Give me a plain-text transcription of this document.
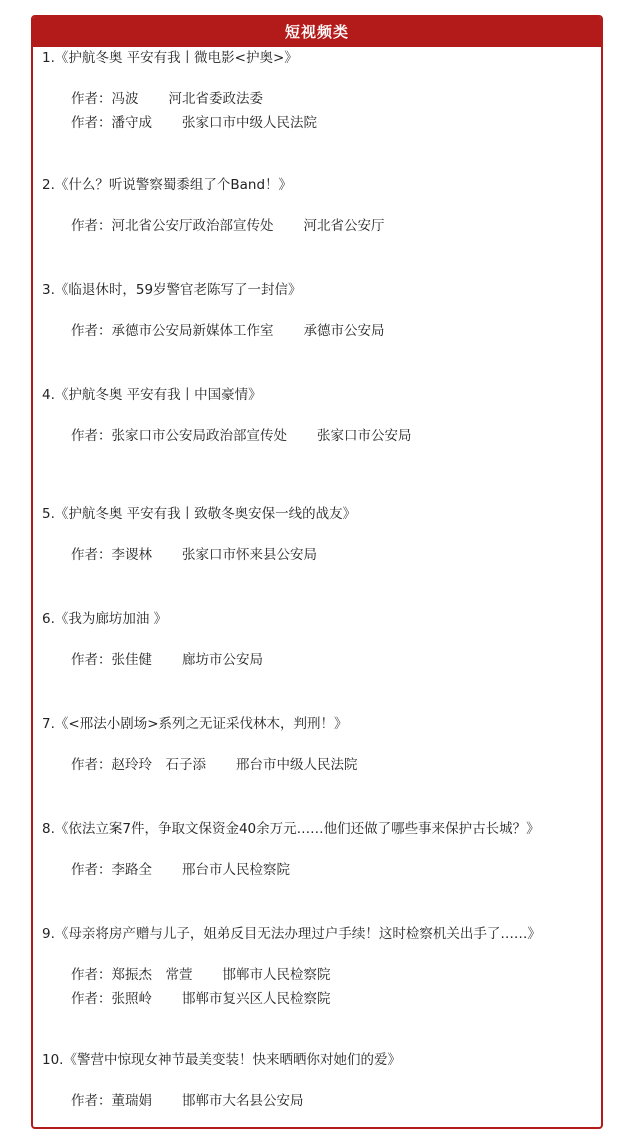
短视频类
1.《护航冬奥 平安有我丨微电影<护奥>》
作者：冯波 河北省委政法委
作者：潘守成 张家口市中级人民法院
2.《什么？听说警察蜀黍组了个Band！》
作者：河北省公安厅政治部宣传处 河北省公安厅
3.《临退休时，59岁警官老陈写了一封信》
作者：承德市公安局新媒体工作室 承德市公安局
4.《护航冬奥 平安有我丨中国豪情》
作者：张家口市公安局政治部宣传处 张家口市公安局
5.《护航冬奥 平安有我丨致敬冬奥安保一线的战友》
作者：李谡林 张家口市怀来县公安局
6.《我为廊坊加油 》
作者：张佳健 廊坊市公安局
7.《<邢法小剧场>系列之无证采伐林木，判刑！》
作者：赵玲玲　石子添 邢台市中级人民法院
8.《依法立案7件，争取文保资金40余万元……他们还做了哪些事来保护古长城？》
作者：李路全 邢台市人民检察院
9.《母亲将房产赠与儿子，姐弟反目无法办理过户手续！这时检察机关出手了……》
作者：郑振杰　常萱 邯郸市人民检察院
作者：张照岭 邯郸市复兴区人民检察院
10.《警营中惊现女神节最美变装！快来晒晒你对她们的爱》
作者：董瑞娟 邯郸市大名县公安局
